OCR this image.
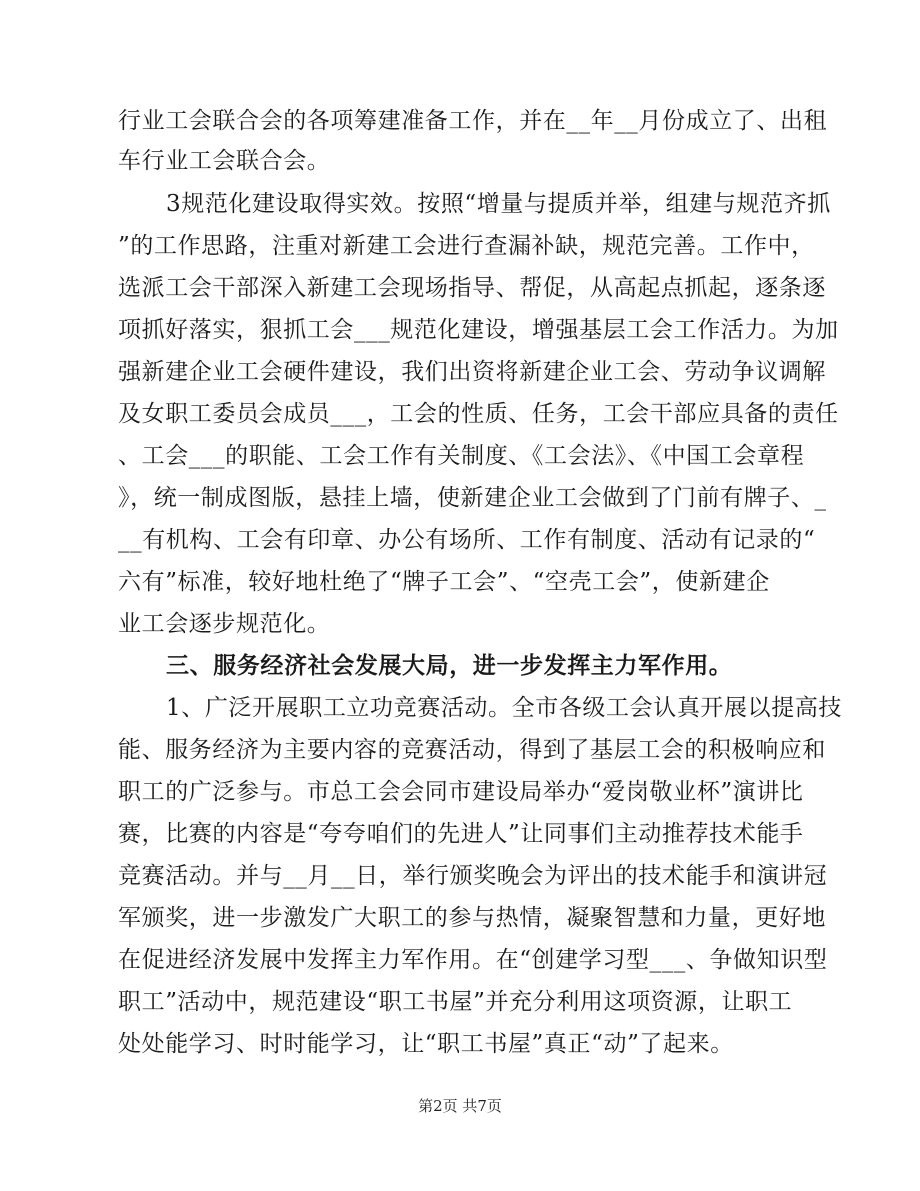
行业工会联合会的各项筹建准备工作，并在__年__月份成立了、出租
车行业工会联合会。
3规范化建设取得实效。按照“增量与提质并举，组建与规范齐抓
”的工作思路，注重对新建工会进行查漏补缺，规范完善。工作中，
选派工会干部深入新建工会现场指导、帮促，从高起点抓起，逐条逐
项抓好落实，狠抓工会___规范化建设，增强基层工会工作活力。为加
强新建企业工会硬件建设，我们出资将新建企业工会、劳动争议调解
及女职工委员会成员___，工会的性质、任务，工会干部应具备的责任
、工会___的职能、工会工作有关制度、《工会法》、《中国工会章程
》，统一制成图版，悬挂上墙，使新建企业工会做到了门前有牌子、_
__有机构、工会有印章、办公有场所、工作有制度、活动有记录的“
六有”标准，较好地杜绝了“牌子工会”、“空壳工会”，使新建企
业工会逐步规范化。
三、服务经济社会发展大局，进一步发挥主力军作用。
1、广泛开展职工立功竞赛活动。全市各级工会认真开展以提高技
能、服务经济为主要内容的竞赛活动，得到了基层工会的积极响应和
职工的广泛参与。市总工会会同市建设局举办“爱岗敬业杯”演讲比
赛，比赛的内容是“夸夸咱们的先进人”让同事们主动推荐技术能手
竞赛活动。并与__月__日，举行颁奖晚会为评出的技术能手和演讲冠
军颁奖，进一步激发广大职工的参与热情，凝聚智慧和力量，更好地
在促进经济发展中发挥主力军作用。在“创建学习型___、争做知识型
职工”活动中，规范建设“职工书屋”并充分利用这项资源，让职工
处处能学习、时时能学习，让“职工书屋”真正“动”了起来。
第2页 共7页
